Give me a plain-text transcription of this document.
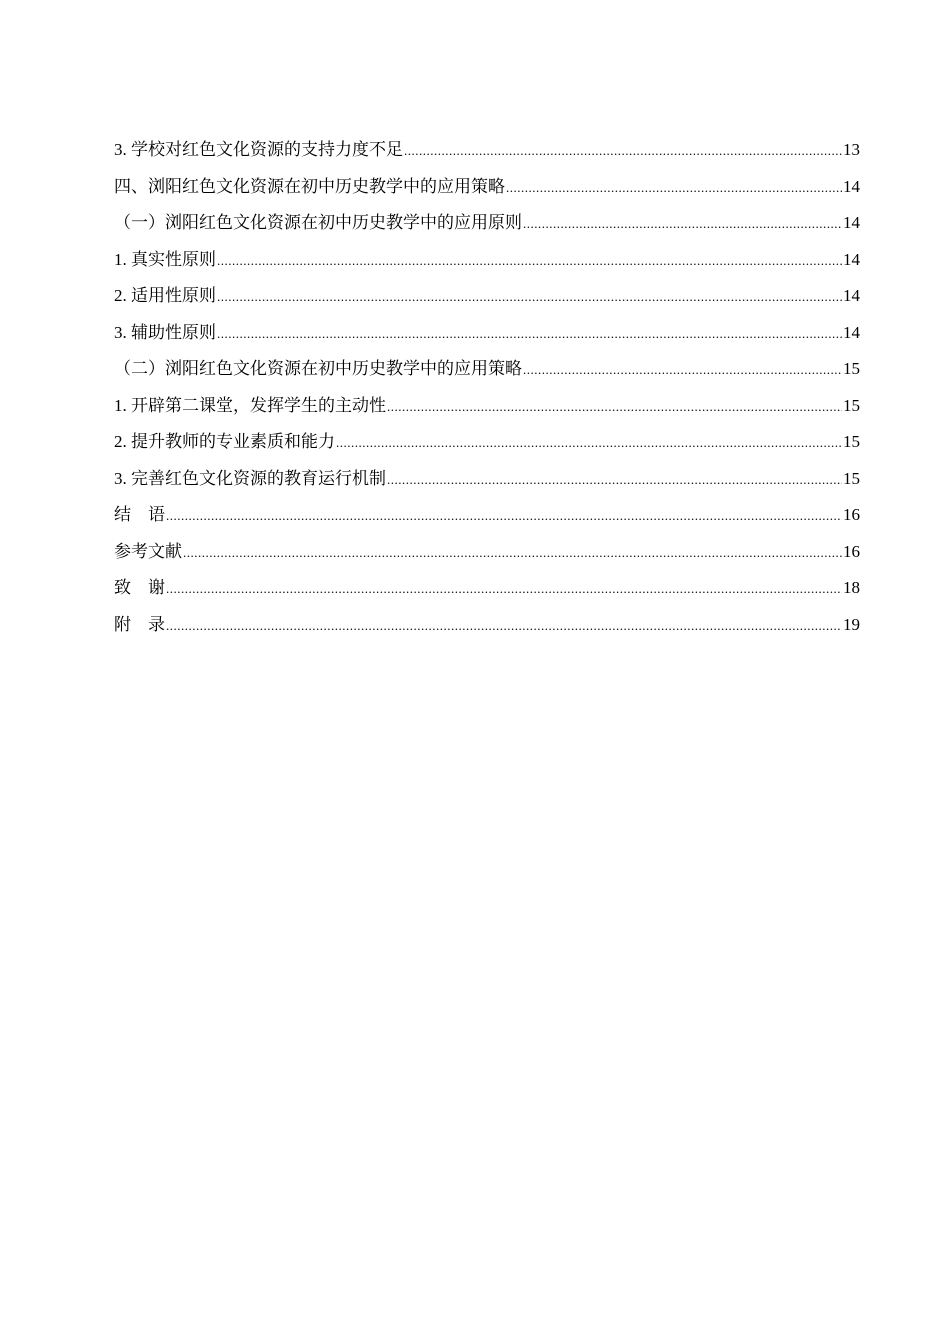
3. 学校对红色文化资源的支持力度不足 .....	13
四、浏阳红色文化资源在初中历史教学中的应用策略 .....	14
（一）浏阳红色文化资源在初中历史教学中的应用原则 .....	14
1. 真实性原则 .....	14
2. 适用性原则 .....	14
3. 辅助性原则 .....	14
（二）浏阳红色文化资源在初中历史教学中的应用策略 .....	15
1. 开辟第二课堂，发挥学生的主动性 .....	15
2. 提升教师的专业素质和能力 .....	15
3. 完善红色文化资源的教育运行机制 .....	15
结　语 .....	16
参考文献 .....	16
致　谢 .....	18
附　录 .....	19
